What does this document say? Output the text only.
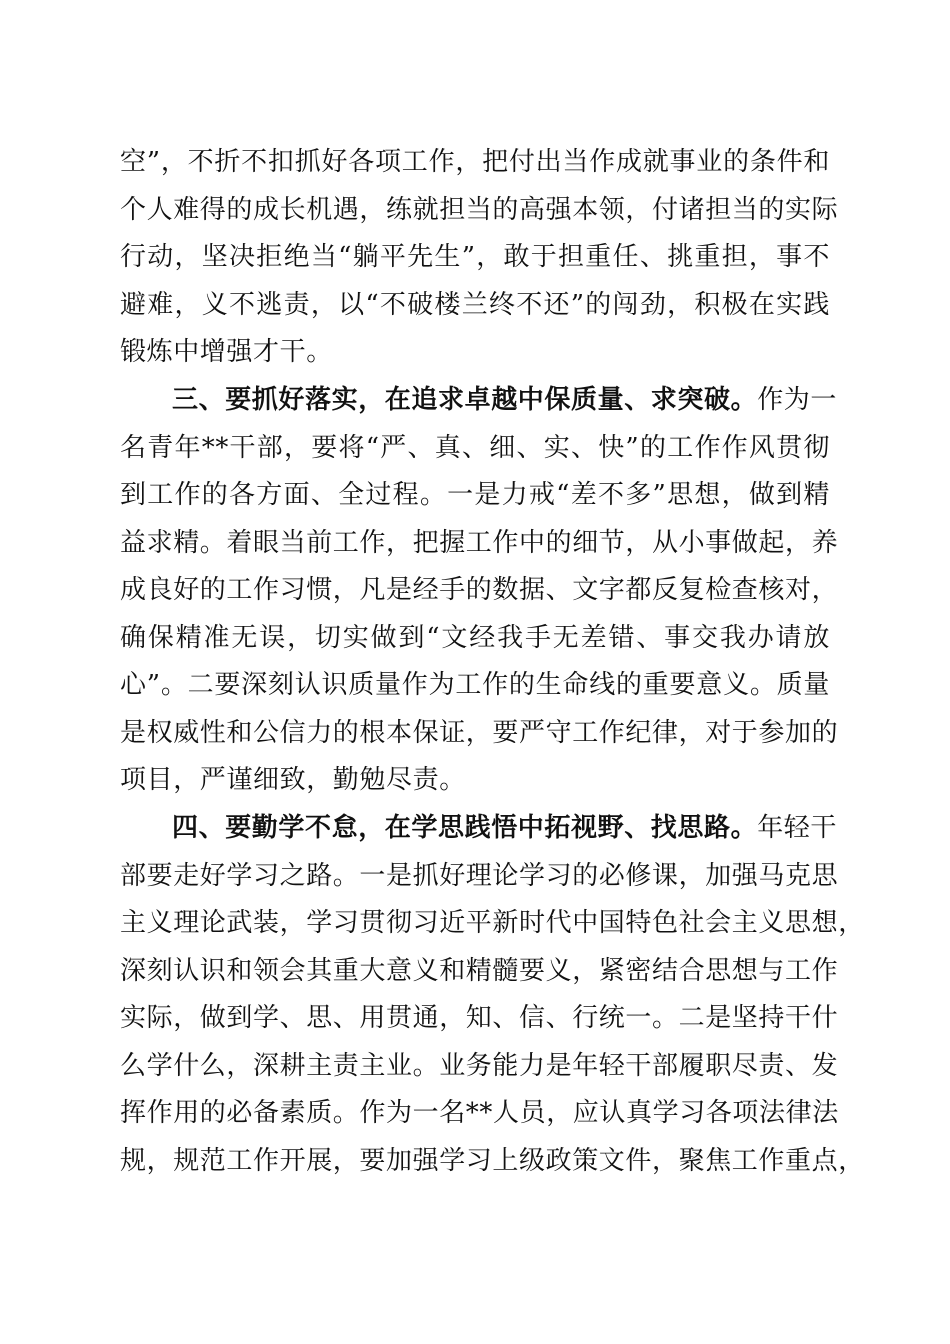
空”，不折不扣抓好各项工作，把付出当作成就事业的条件和
个人难得的成长机遇，练就担当的高强本领，付诸担当的实际
行动，坚决拒绝当“躺平先生”，敢于担重任、挑重担，事不
避难，义不逃责，以“不破楼兰终不还”的闯劲，积极在实践
锻炼中增强才干。
三、要抓好落实，在追求卓越中保质量、求突破。作为一
名青年**干部，要将“严、真、细、实、快”的工作作风贯彻
到工作的各方面、全过程。一是力戒“差不多”思想，做到精
益求精。着眼当前工作，把握工作中的细节，从小事做起，养
成良好的工作习惯，凡是经手的数据、文字都反复检查核对，
确保精准无误，切实做到“文经我手无差错、事交我办请放
心”。二要深刻认识质量作为工作的生命线的重要意义。质量
是权威性和公信力的根本保证，要严守工作纪律，对于参加的
项目，严谨细致，勤勉尽责。
四、要勤学不怠，在学思践悟中拓视野、找思路。年轻干
部要走好学习之路。一是抓好理论学习的必修课，加强马克思
主义理论武装，学习贯彻习近平新时代中国特色社会主义思想，
深刻认识和领会其重大意义和精髓要义，紧密结合思想与工作
实际，做到学、思、用贯通，知、信、行统一。二是坚持干什
么学什么，深耕主责主业。业务能力是年轻干部履职尽责、发
挥作用的必备素质。作为一名**人员，应认真学习各项法律法
规，规范工作开展，要加强学习上级政策文件，聚焦工作重点，
